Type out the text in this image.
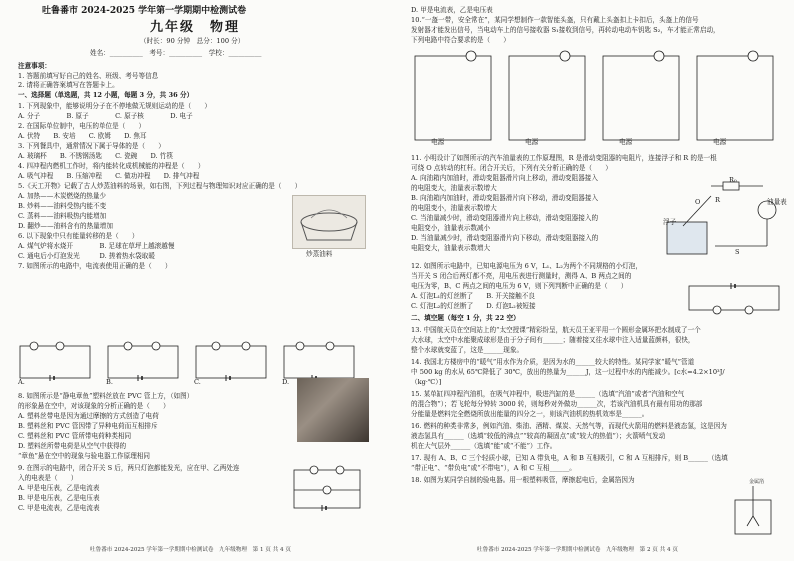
吐鲁番市 2024-2025 学年第一学期期中检测试卷
九年级　物理
（时长：90 分钟　总分：100 分）
姓名：__________　考号：__________　学校：__________
注意事项：
1. 答题前填写好自己的姓名、班级、考号等信息
2. 请将正确答案填写在答题卡上。
一、选择题（单选题，共 12 小题，每题 3 分，共 36 分）
1. 下列现象中，能够说明分子在不停地做无规则运动的是（　　）
A. 分子　　　　B. 原子　　　　C. 原子核　　　　D. 电子
2. 在国际单位制中，电压的单位是（　　）
A. 伏特　　B. 安培　　C. 欧姆　　D. 焦耳
3. 下列餐具中，通常情况下属于导体的是（　　）
A. 玻璃杯　　B. 不锈钢汤匙　　C. 瓷碗　　D. 竹筷
4. 四冲程内燃机工作时，将内能转化成机械能的冲程是（　　）
A. 吸气冲程　　B. 压缩冲程　　C. 做功冲程　　D. 排气冲程
5.《天工开物》记载了古人炒蒸油料的场景，如右图，下列过程与物理知识对应正确的是（　　）
A. 加热——木炭燃烧的热量少
B. 炒料——油料受热内能不变
C. 蒸料——油料吸热内能增加
D. 翻炒——油料含有的热量增加
6. 以下现象中只有能量转移的是（　　）
A. 煤气炉将水烧开　　　　B. 足球在草坪上越滚越慢
C. 通电后小灯泡发光　　　D. 搓着热水袋取暖
7. 如图所示的电路中，电流表使用正确的是（　　）
炒蒸油料
A.	B.	C.	D.
8. 如图所示是“静电章鱼”塑料丝放在 PVC 管上方，（如图）
的形象悬在空中，对该现象的分析正确的是（　　）
A. 塑料丝带电是因为通过摩擦的方式创造了电荷
B. 塑料丝和 PVC 管因带了异种电荷而互相排斥
C. 塑料丝和 PVC 管所带电荷种类相同
D. 塑料丝所带电荷是从空气中获得的
“章鱼”悬在空中的现象与验电器工作原理相同
9. 在图示的电路中，闭合开关 S 后，两只灯泡都能发光，应在甲、乙两处连
入的电表是（　　）
A. 甲是电压表，乙是电流表
B. 甲是电压表，乙是电压表
C. 甲是电流表，乙是电流表
吐鲁番市 2024-2025 学年第一学期期中检测试卷　九年级物理　第 1 页 共 4 页
D. 甲是电流表，乙是电压表
10.“一盔一带，安全常在”，某同学想制作一款智能头盔，只有戴上头盔扣上卡扣后，头盔上的信号
发射器才能发出信号，当电动车上的信号接收器 S₁接收到信号，再转动电动车钥匙 S₂，车才能正常启动，
下列电路中符合要求的是（　　）
电源	电源	电源	电源
11. 小明设计了如图所示的汽车油量表的工作原理图，R 是滑动变阻器的电阻片，连接浮子和 R 的是一根
可绕 O 点转动的杠杆。闭合开关后，下列有关分析正确的是（　　）
A. 向油箱内加油时，滑动变阻器滑片向上移动，滑动变阻器接入
的电阻变大，油量表示数增大
B. 向油箱内加油时，滑动变阻器滑片向下移动，滑动变阻器接入
的电阻变小，油量表示数增大
C. 当油量减少时，滑动变阻器滑片向上移动，滑动变阻器接入的
电阻变小，油量表示数减小
D. 当油量减少时，滑动变阻器滑片向下移动，滑动变阻器接入的
电阻变大，油量表示数增大
R₀
R
O
浮子
油量表
S
12. 如图所示电路中，已知电源电压为 6 V，L₁、L₂为两个不同规格的小灯泡，
当开关 S 闭合后两灯都不亮，用电压表进行测量时，测得 A、B 两点之间的
电压为零，B、C 两点之间的电压为 6 V，则下列判断中正确的是（　　）
A. 灯泡L₁的灯丝断了　　B. 开关接触不良
C. 灯泡L₂的灯丝断了　　D. 灯泡L₂被短接
二、填空题（每空 1 分，共 22 空）
13. 中国航天员在空间站上的“太空授课”精彩纷呈，航天员王亚平用一个圆形金属环把水制成了一个
大水球，太空中水能聚成球形是由于分子间有______；随着接又往水球中注入适量蓝颜料，很快，
整个水球就变蓝了，这是______现象。
14. 我国北方楼房中的“暖气”用水作为介质，是因为水的______较大的特性。某同学家“暖气”管道
中 500 kg 的水从 65℃降低了 30℃，放出的热量为______J，这一过程中水的内能减少。[c水=4.2×10³J/
（kg·℃）]
15. 某单缸四冲程汽油机，在吸气冲程中，吸进汽缸的是______（选填“汽油”或者“汽油和空气
的混合物”）；若飞轮每分钟转 3000 转，则每秒对外做功______次，若该汽油机具有最有用功的那部
分能量是燃料完全燃烧所放出能量的四分之一，则该汽油机的热机效率是______。
16. 燃料的种类非常多，例如汽油、柴油、酒精、煤炭、天然气等，而现代火箭用的燃料是液态氢，这是因为
液态氢具有______（选填“较低的沸点”“较高的凝固点”或“较大的热值”）；火箭喷气发动
机在大气层外______（选填“能”或“不能”）工作。
17. 现有 A、B、C 三个轻质小球，已知 A 带负电，A 和 B 互相吸引，C 和 A 互相排斥，则 B______（选填
“带正电”、“带负电”或“不带电”），A 和 C 互相______。
18. 如图为某同学自制的验电器。用一根塑料吸管，摩擦起电后，金属箔因为	金属箔
吐鲁番市 2024-2025 学年第一学期期中检测试卷　九年级物理　第 2 页 共 4 页
